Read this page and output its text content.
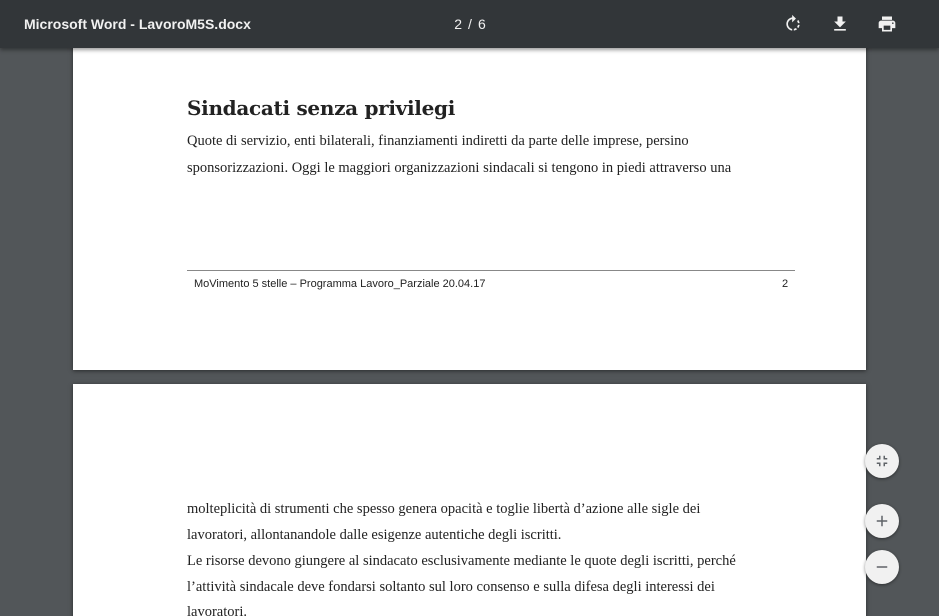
Microsoft Word - LavoroM5S.docx	2 / 6
Sindacati senza privilegi
Quote di servizio, enti bilaterali, finanziamenti indiretti da parte delle imprese, persino
sponsorizzazioni. Oggi le maggiori organizzazioni sindacali si tengono in piedi attraverso una
MoVimento 5 stelle – Programma Lavoro_Parziale 20.04.17	2
molteplicità di strumenti che spesso genera opacità e toglie libertà d’azione alle sigle dei
lavoratori, allontanandole dalle esigenze autentiche degli iscritti.
Le risorse devono giungere al sindacato esclusivamente mediante le quote degli iscritti, perché
l’attività sindacale deve fondarsi soltanto sul loro consenso e sulla difesa degli interessi dei
lavoratori.
